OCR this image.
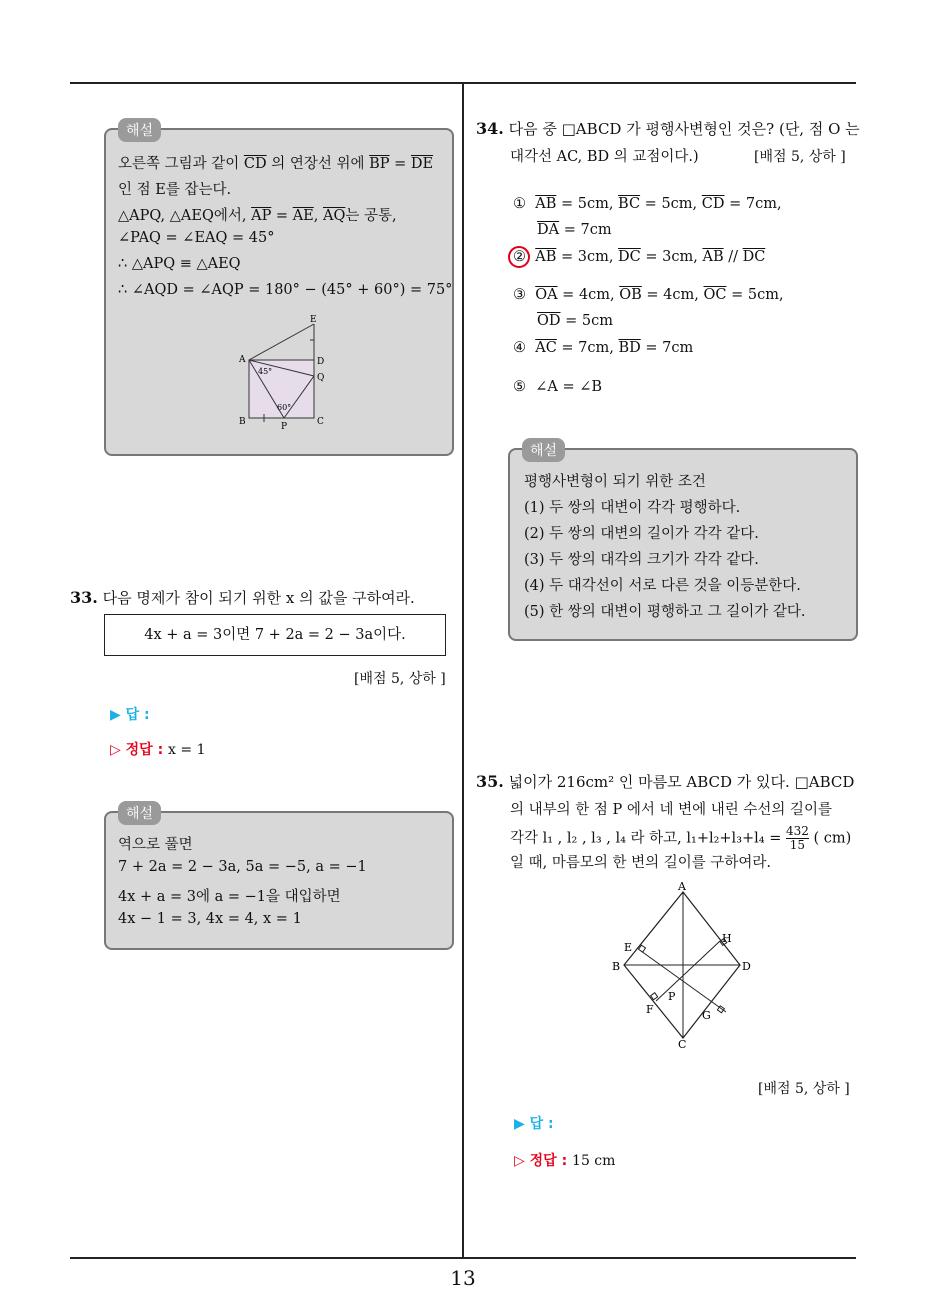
해설
오른쪽 그림과 같이 $\overline{CD}$ 의 연장선 위에 $\overline{BP} = \overline{DE}$
인 점 E를 잡는다.
△APQ, △AEQ에서, $\overline{AP} = \overline{AE}$, $\overline{AQ}$는 공통,
∠PAQ = ∠EAQ = 45°
∴ △APQ ≡ △AEQ
∴ ∠AQD = ∠AQP = 180° − (45° + 60°) = 75°
E
A	D
Q
B	P	C
45°
60°
33. 다음 명제가 참이 되기 위한 x 의 값을 구하여라.
4x + a = 3이면 7 + 2a = 2 − 3a이다.
[배점 5, 상하 ]
▶ 답 :
▷ 정답 : x = 1
해설
역으로 풀면
7 + 2a = 2 − 3a, 5a = −5, a = −1
4x + a = 3에 a = −1을 대입하면
4x − 1 = 3, 4x = 4, x = 1
34. 다음 중 □ABCD 가 평행사변형인 것은? (단, 점 O 는
대각선 AC, BD 의 교점이다.)	[배점 5, 상하 ]
① $\overline{AB} = 5cm$, $\overline{BC} = 5cm$, $\overline{CD} = 7cm$,
$\overline{DA} = 7cm$
② $\overline{AB} = 3cm$, $\overline{DC} = 3cm$, $\overline{AB} // \overline{DC}$
③ $\overline{OA} = 4cm$, $\overline{OB} = 4cm$, $\overline{OC} = 5cm$,
$\overline{OD} = 5cm$
④ $\overline{AC} = 7cm$, $\overline{BD} = 7cm$
⑤ ∠A = ∠B
해설
평행사변형이 되기 위한 조건
(1) 두 쌍의 대변이 각각 평행하다.
(2) 두 쌍의 대변의 길이가 각각 같다.
(3) 두 쌍의 대각의 크기가 각각 같다.
(4) 두 대각선이 서로 다른 것을 이등분한다.
(5) 한 쌍의 대변이 평행하고 그 길이가 같다.
35. 넓이가 216cm² 인 마름모 ABCD 가 있다. □ABCD
의 내부의 한 점 P 에서 네 변에 내린 수선의 길이를
각각 l₁ , l₂ , l₃ , l₄ 라 하고, $l_1+l_2+l_3+l_4 = \frac{432}{15}$ ( cm)
일 때, 마름모의 한 변의 길이를 구하여라.
A
H
E
B	D
P
F	G
C
[배점 5, 상하 ]
▶ 답 :
▷ 정답 : 15 cm
13
